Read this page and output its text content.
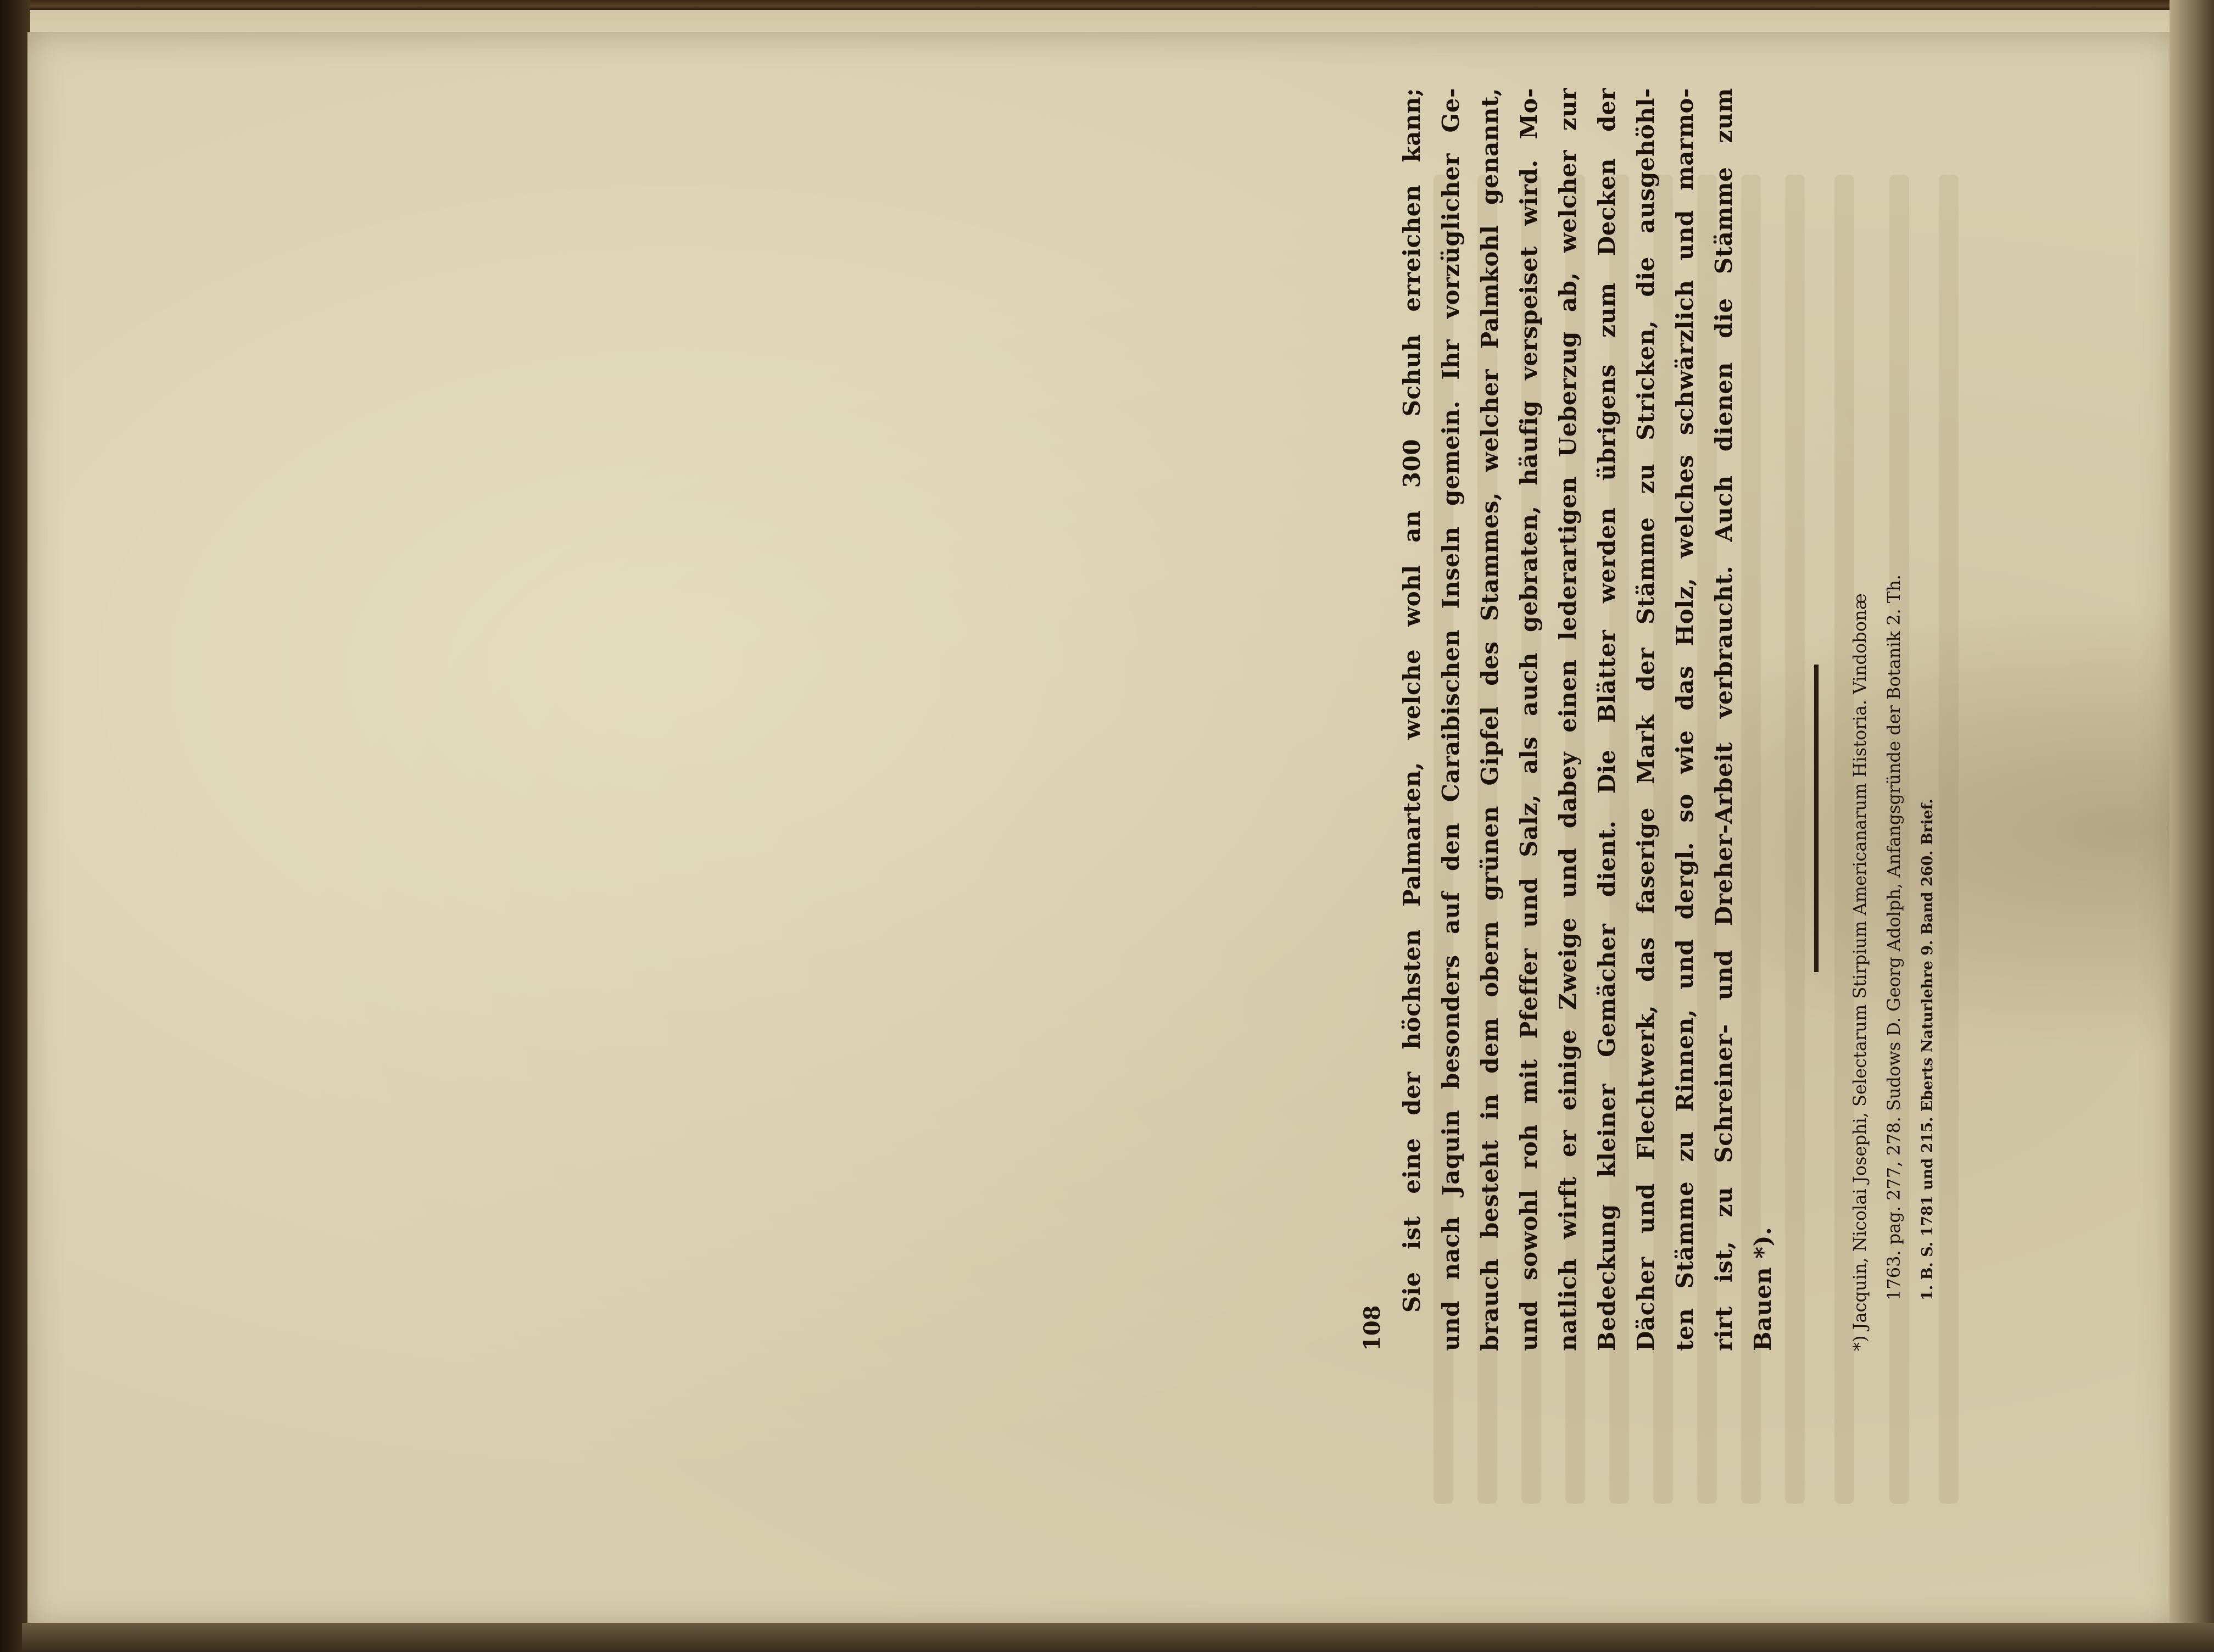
108
Sie ist eine der höchsten Palmarten, welche wohl an 300 Schuh erreichen kann; und nach Jaquin besonders auf den Caraibischen Inseln gemein. Ihr vorzüglicher Ge- brauch besteht in dem obern grünen Gipfel des Stammes, welcher Palmkohl genannt, und sowohl roh mit Pfeffer und Salz, als auch gebraten, häufig verspeiset wird. Mo- natlich wirft er einige Zweige und dabey einen lederartigen Ueberzug ab, welcher zur Bedeckung kleiner Gemächer dient. Die Blätter werden übrigens zum Decken der Dächer und Flechtwerk, das faserige Mark der Stämme zu Stricken, die ausgehöhl- ten Stämme zu Rinnen, und dergl. so wie das Holz, welches schwärzlich und marmo- rirt ist, zu Schreiner- und Dreher-Arbeit verbraucht. Auch dienen die Stämme zum Bauen *).	*) Jacquin, Nicolai Josephi, Selectarum Stirpium Americanarum Historia. Vindobonæ 1763. pag. 277, 278. Sudows D. Georg Adolph, Anfangsgründe der Botanik 2. Th.	1. B. S. 1781 und 215. Eberts Naturlehre 9. Band 260. Brief.
